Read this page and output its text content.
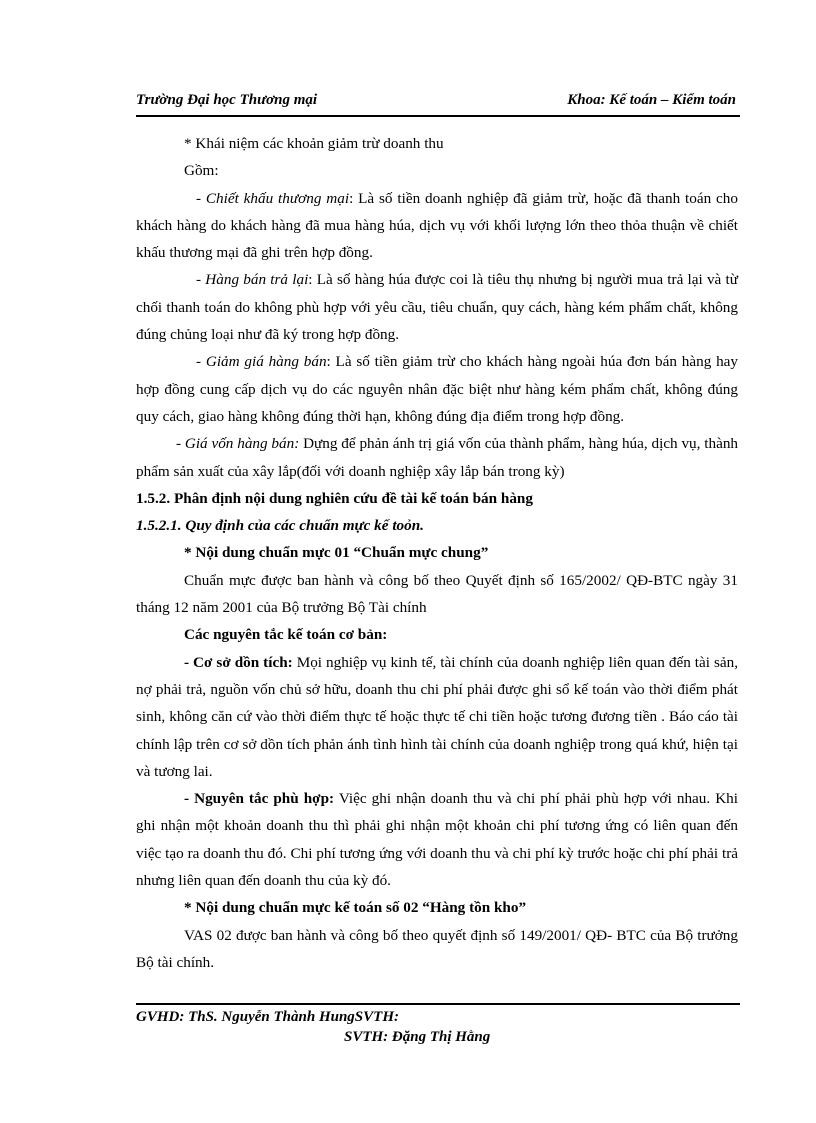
Trường Đại học Thương mại	Khoa: Kế toán – Kiểm toán

* Khái niệm các khoản giảm trừ doanh thu

Gồm:

- Chiết khấu thương mại: Là số tiền doanh nghiệp đã giảm trừ, hoặc đã thanh toán cho khách hàng do khách hàng đã mua hàng húa, dịch vụ với khối lượng lớn theo thỏa thuận về chiết khấu thương mại đã ghi trên hợp đồng.

- Hàng bán trả lại: Là số hàng húa được coi là tiêu thụ nhưng bị người mua trả lại và từ chối thanh toán do không phù hợp với yêu cầu, tiêu chuẩn, quy cách, hàng kém phẩm chất, không đúng chủng loại như đã ký trong hợp đồng.

- Giảm giá hàng bán: Là số tiền giảm trừ cho khách hàng ngoài húa đơn bán hàng hay hợp đồng cung cấp dịch vụ do các nguyên nhân đặc biệt như hàng kém phẩm chất, không đúng quy cách, giao hàng không đúng thời hạn, không đúng địa điểm trong hợp đồng.

- Giá vốn hàng bán: Dựng để phản ánh trị giá vốn của thành phẩm, hàng húa, dịch vụ, thành phẩm sản xuất của xây lắp(đối với doanh nghiệp xây lắp bán trong kỳ)

1.5.2. Phân định nội dung nghiên cứu đề tài kế toán bán hàng

1.5.2.1. Quy định của các chuẩn mực kế toỏn.

* Nội dung chuẩn mực 01 “Chuẩn mực chung”

Chuẩn mực được ban hành và công bố theo Quyết định số 165/2002/ QĐ-BTC ngày 31 tháng 12 năm 2001 của Bộ trưởng Bộ Tài chính

Các nguyên tắc kế toán cơ bản:

- Cơ sở dồn tích: Mọi nghiệp vụ kinh tế, tài chính của doanh nghiệp liên quan đến tài sản, nợ phải trả, nguồn vốn chủ sở hữu, doanh thu chi phí phải được ghi sổ kế toán vào thời điểm phát sinh, không căn cứ vào thời điểm thực tế hoặc thực tế chi tiền hoặc tương đương tiền . Báo cáo tài chính lập trên cơ sở dồn tích phản ánh tình hình tài chính của doanh nghiệp trong quá khứ, hiện tại và tương lai.

- Nguyên tắc phù hợp: Việc ghi nhận doanh thu và chi phí phải phù hợp với nhau. Khi ghi nhận một khoản doanh thu thì phải ghi nhận một khoản chi phí tương ứng có liên quan đến việc tạo ra doanh thu đó. Chi phí tương ứng với doanh thu và chi phí kỳ trước hoặc chi phí phải trả nhưng liên quan đến doanh thu của kỳ đó.

* Nội dung chuẩn mực kế toán số 02 “Hàng tồn kho”

VAS 02 được ban hành và công bố theo quyết định số 149/2001/ QĐ- BTC của Bộ trưởng Bộ tài chính.

GVHD: ThS. Nguyễn Thành HungSVTH:
SVTH: Đặng Thị Hằng
